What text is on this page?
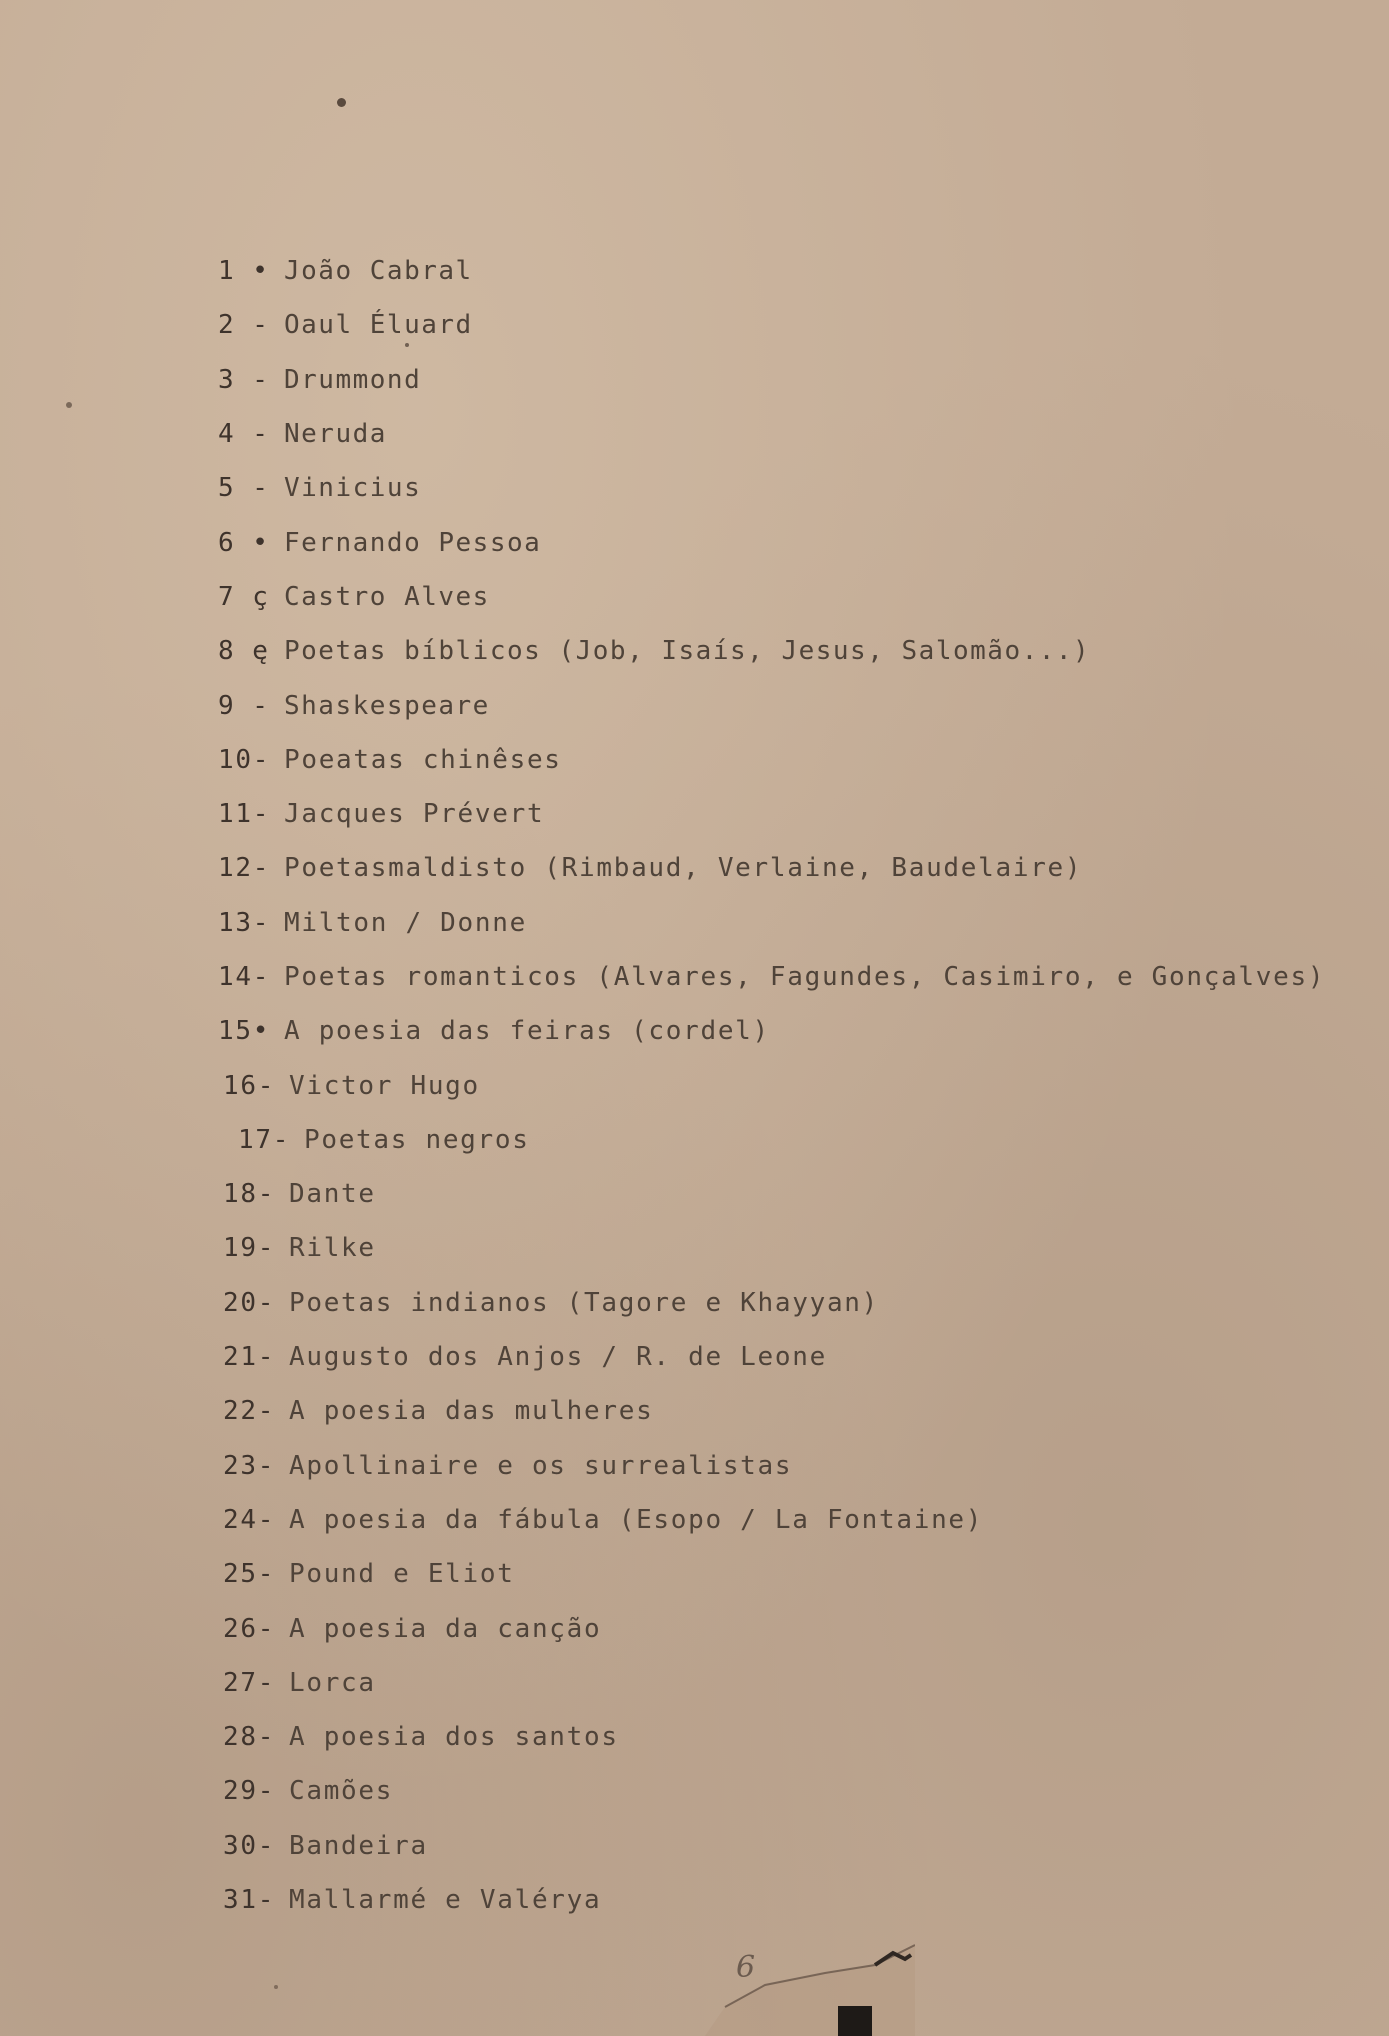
1 • João Cabral
2 - Oaul Éluard
3 - Drummond
4 - Neruda
5 - Vinicius
6 • Fernando Pessoa
7 ç Castro Alves
8 ę Poetas bíblicos (Job, Isaís, Jesus, Salomão...)
9 - Shaskespeare
10- Poeatas chinêses
11- Jacques Prévert
12- Poetasmaldisto (Rimbaud, Verlaine, Baudelaire)
13- Milton / Donne
14- Poetas romanticos (Alvares, Fagundes, Casimiro, e Gonçalves)
15• A poesia das feiras (cordel)
16- Victor Hugo
17- Poetas negros
18- Dante
19- Rilke
20- Poetas indianos (Tagore e Khayyan)
21- Augusto dos Anjos / R. de Leone
22- A poesia das mulheres
23- Apollinaire e os surrealistas
24- A poesia da fábula (Esopo / La Fontaine)
25- Pound e Eliot
26- A poesia da canção
27- Lorca
28- A poesia dos santos
29- Camões
30- Bandeira
31- Mallarmé e Valérya
6
